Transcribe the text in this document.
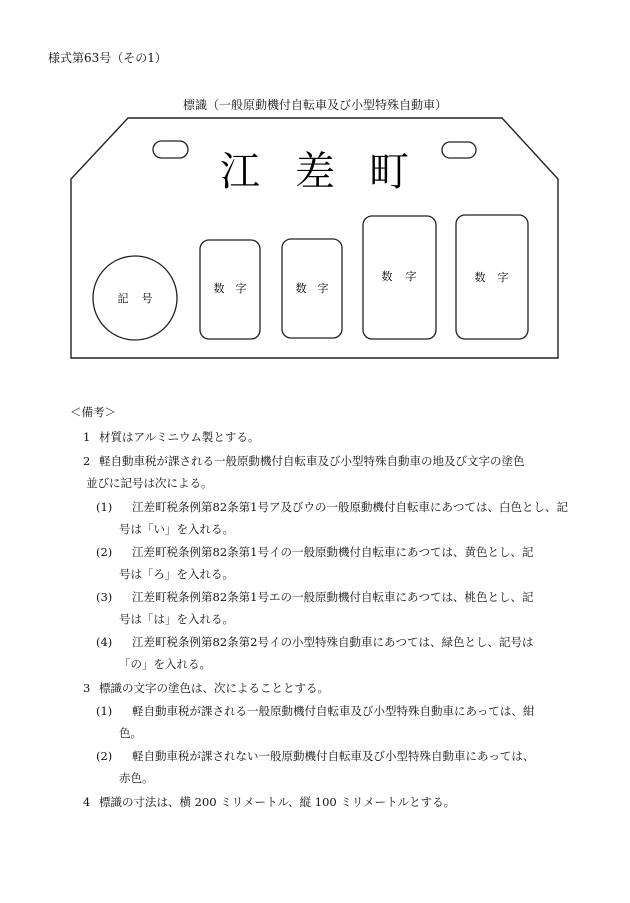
様式第63号（その1）
標識（一般原動機付自転車及び小型特殊自動車）
江 差 町
記 号
数 字	数 字
数 字	数 字
＜備考＞
1 材質はアルミニウム製とする。
2 軽自動車税が課される一般原動機付自転車及び小型特殊自動車の地及び文字の塗色
並びに記号は次による。
(1) 江差町税条例第82条第1号ア及びウの一般原動機付自転車にあつては、白色とし、記
号は「い」を入れる。
(2) 江差町税条例第82条第1号イの一般原動機付自転車にあつては、黄色とし、記
号は「ろ」を入れる。
(3) 江差町税条例第82条第1号エの一般原動機付自転車にあつては、桃色とし、記
号は「は」を入れる。
(4) 江差町税条例第82条第2号イの小型特殊自動車にあつては、緑色とし、記号は
「の」を入れる。
3 標識の文字の塗色は、次によることとする。
(1) 軽自動車税が課される一般原動機付自転車及び小型特殊自動車にあっては、紺
色。
(2) 軽自動車税が課されない一般原動機付自転車及び小型特殊自動車にあっては、
赤色。
4 標識の寸法は、横 200 ミリメートル、縦 100 ミリメートルとする。
